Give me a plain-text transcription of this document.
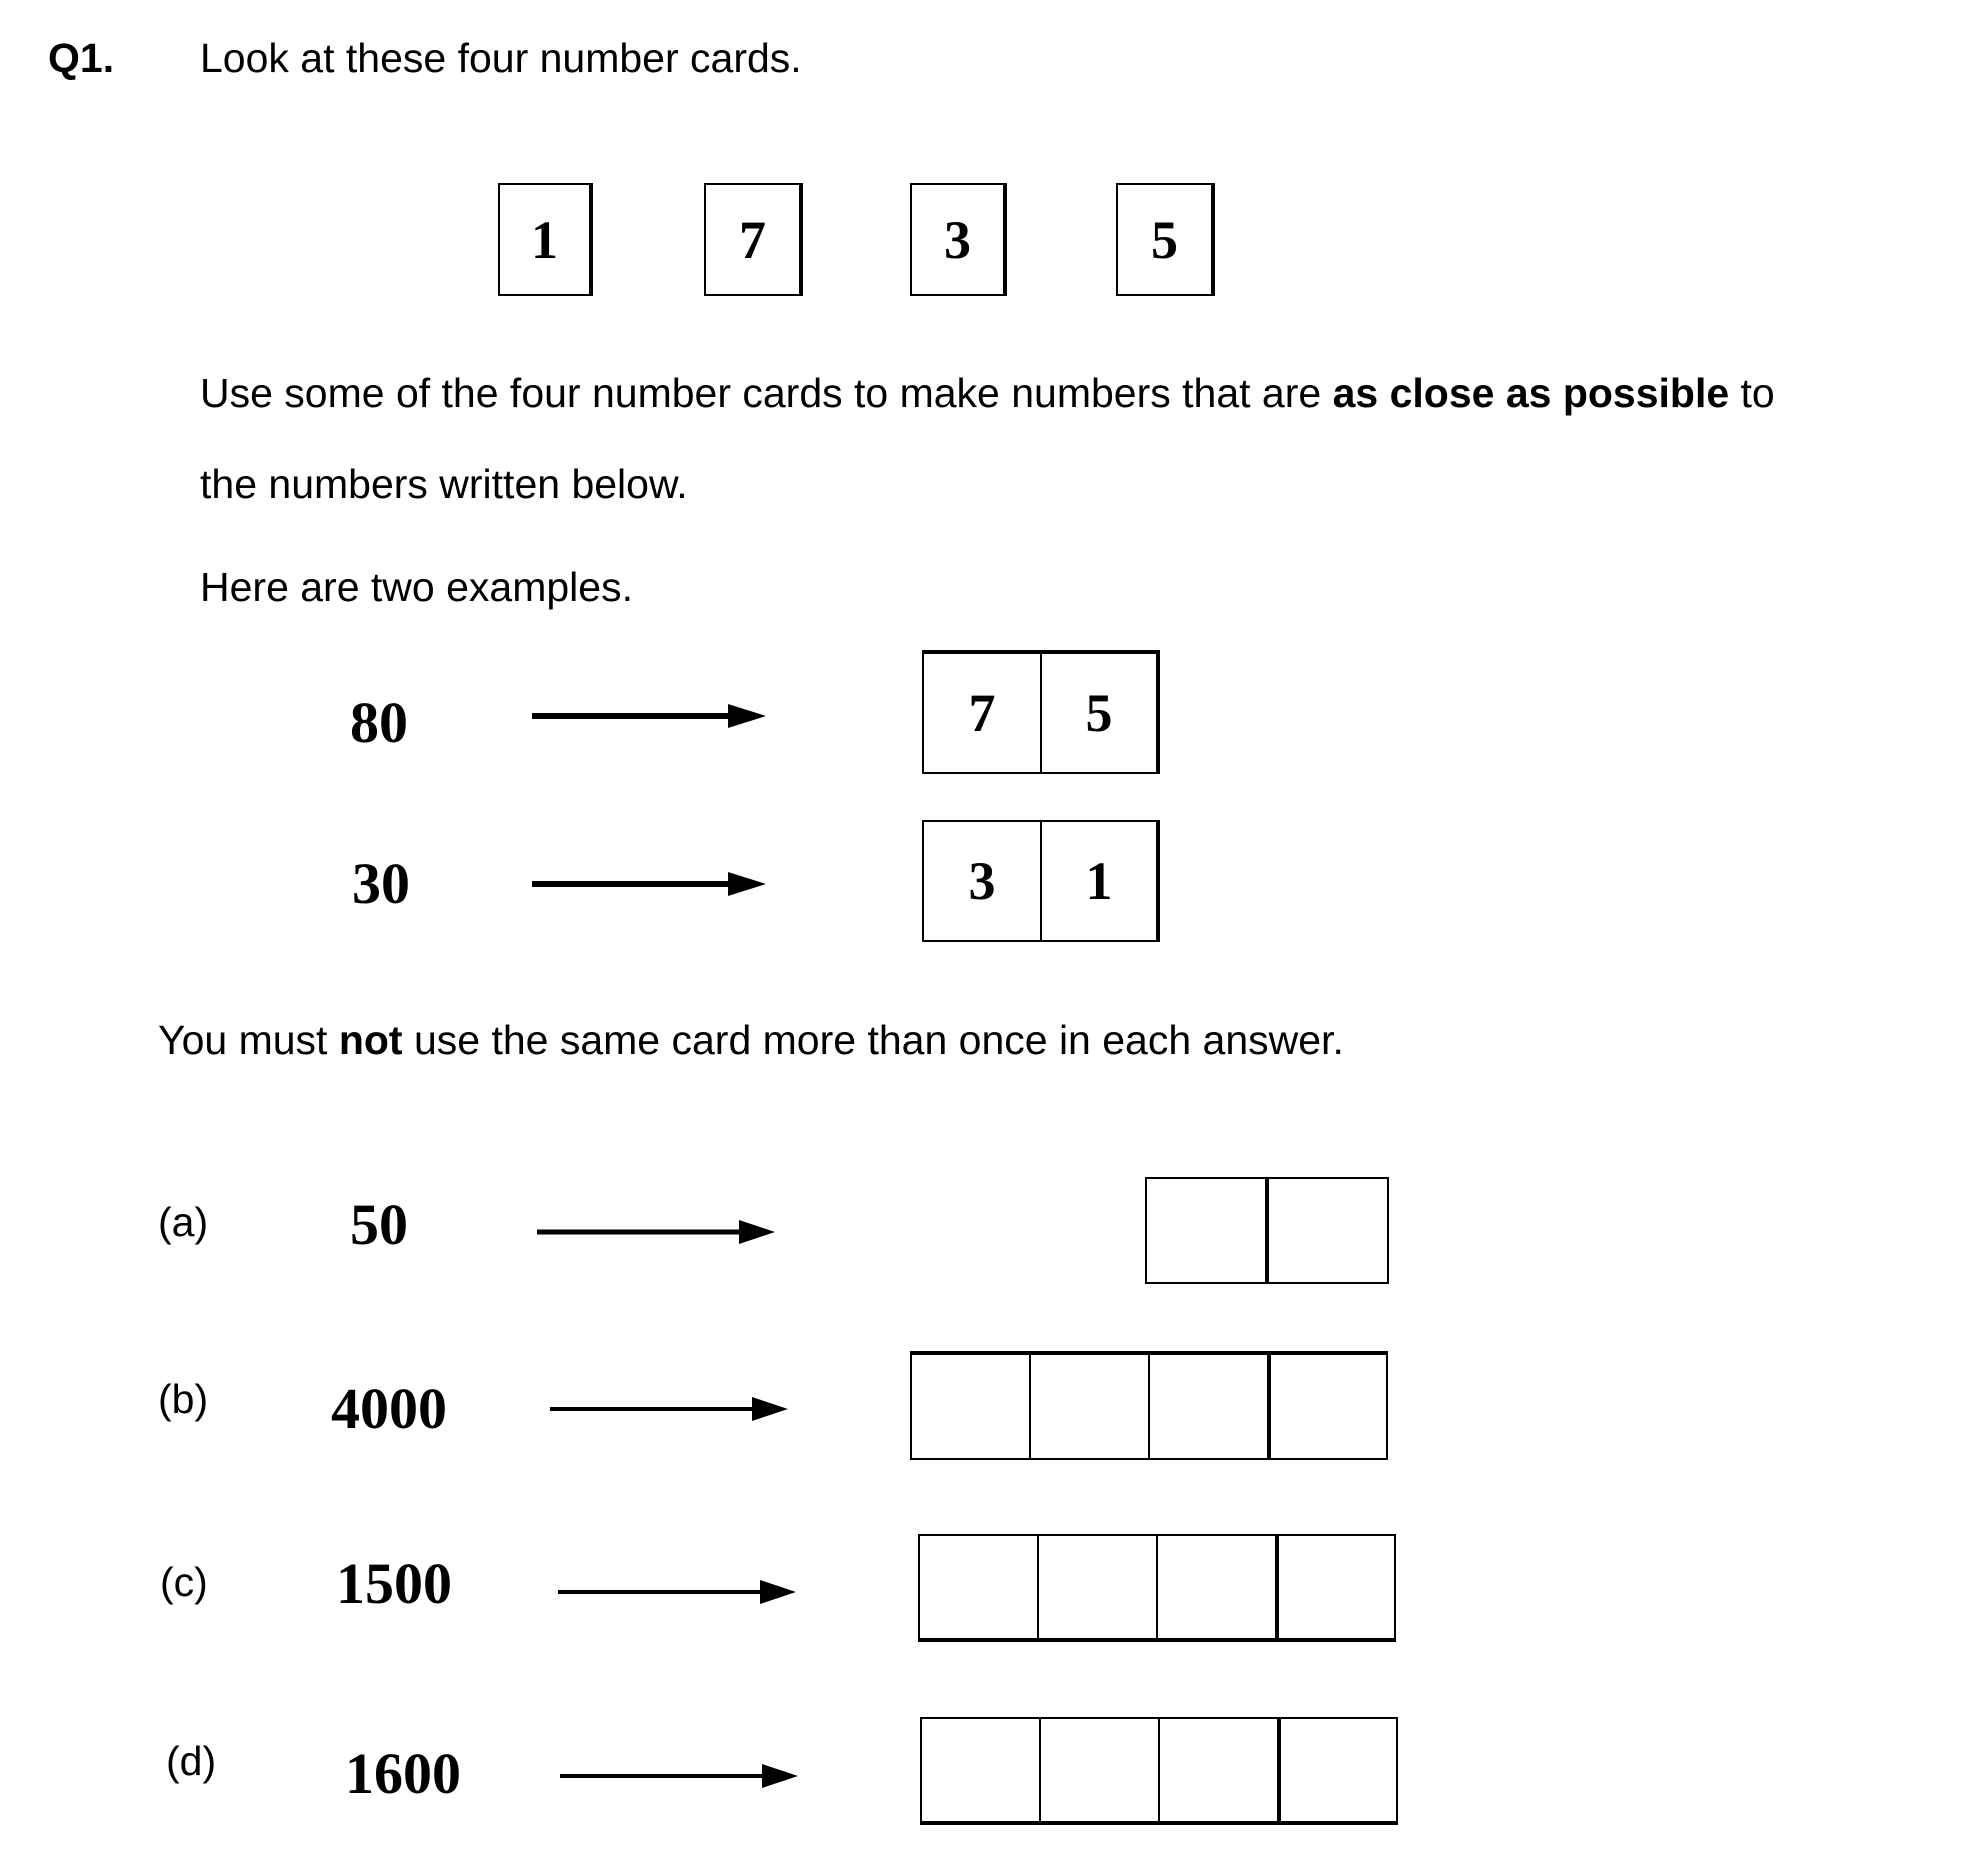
Q1. Look at these four number cards.
1	7	3	5
Use some of the four number cards to make numbers that are as close as possible to
the numbers written below.
Here are two examples.
80	7	5
30	3	1
You must not use the same card more than once in each answer.
(a) 50
(b) 4000
(c) 1500
(d) 1600
